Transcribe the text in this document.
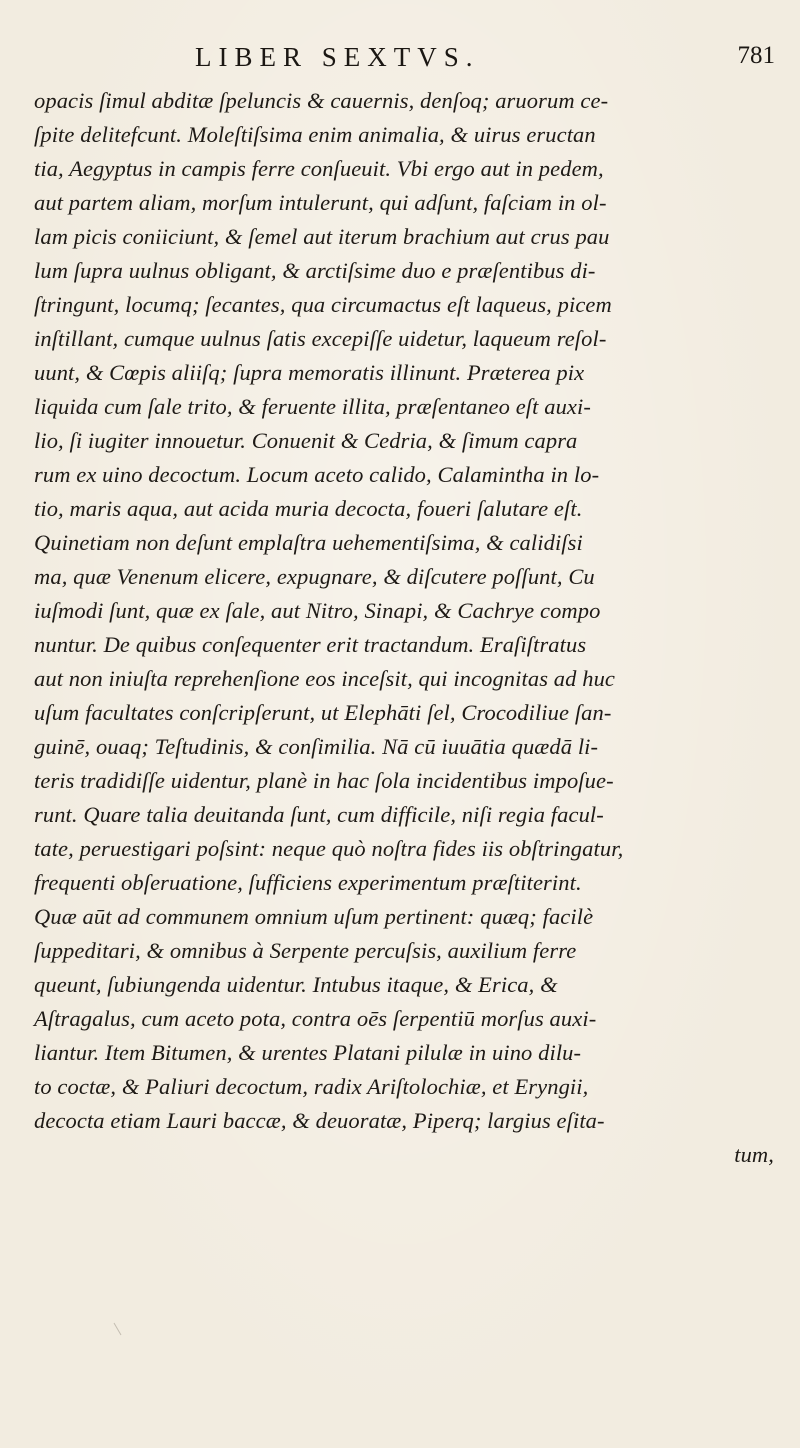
LIBER SEXTVS.	781
opacis ſimul abditæ ſpeluncis & cauernis, denſoq; aruorum ce-
ſpite delitefcunt. Moleſtiſsima enim animalia, & uirus eructan
tia, Aegyptus in campis ferre conſueuit. Vbi ergo aut in pedem,
aut partem aliam, morſum intulerunt, qui adſunt, faſciam in ol-
lam picis coniiciunt, & ſemel aut iterum brachium aut crus pau
lum ſupra uulnus obligant, & arctiſsime duo e præſentibus di-
ſtringunt, locumq; ſecantes, qua circumactus eſt laqueus, picem
inſtillant, cumque uulnus ſatis excepiſſe uidetur, laqueum reſol-
uunt, & Cœpis aliiſq; ſupra memoratis illinunt. Præterea pix
liquida cum ſale trito, & feruente illita, præſentaneo eſt auxi-
lio, ſi iugiter innouetur. Conuenit & Cedria, & ſimum capra
rum ex uino decoctum. Locum aceto calido, Calamintha in lo-
tio, maris aqua, aut acida muria decocta, foueri ſalutare eſt.
Quinetiam non deſunt emplaſtra uehementiſsima, & calidiſsi
ma, quæ Venenum elicere, expugnare, & diſcutere poſſunt, Cu
iuſmodi ſunt, quæ ex ſale, aut Nitro, Sinapi, & Cachrye compo
nuntur. De quibus conſequenter erit tractandum. Eraſiſtratus
aut non iniuſta reprehenſione eos inceſsit, qui incognitas ad huc
uſum facultates conſcripſerunt, ut Elephāti ſel, Crocodiliue ſan-
guinē, ouaq; Teſtudinis, & conſimilia. Nā cū iuuātia quædā li-
teris tradidiſſe uidentur, planè in hac ſola incidentibus impoſue-
runt. Quare talia deuitanda ſunt, cum difficile, niſi regia facul-
tate, peruestigari poſsint: neque quò noſtra fides iis obſtringatur,
frequenti obſeruatione, ſufficiens experimentum præſtiterint.
Quæ aūt ad communem omnium uſum pertinent: quæq; facilè
ſuppeditari, & omnibus à Serpente percuſsis, auxilium ferre
queunt, ſubiungenda uidentur. Intubus itaque, & Erica, &
Aſtragalus, cum aceto pota, contra oēs ſerpentiū morſus auxi-
liantur. Item Bitumen, & urentes Platani pilulæ in uino dilu-
to coctæ, & Paliuri decoctum, radix Ariſtolochiæ, et Eryngii,
decocta etiam Lauri baccæ, & deuoratæ, Piperq; largius eſita-
tum,
